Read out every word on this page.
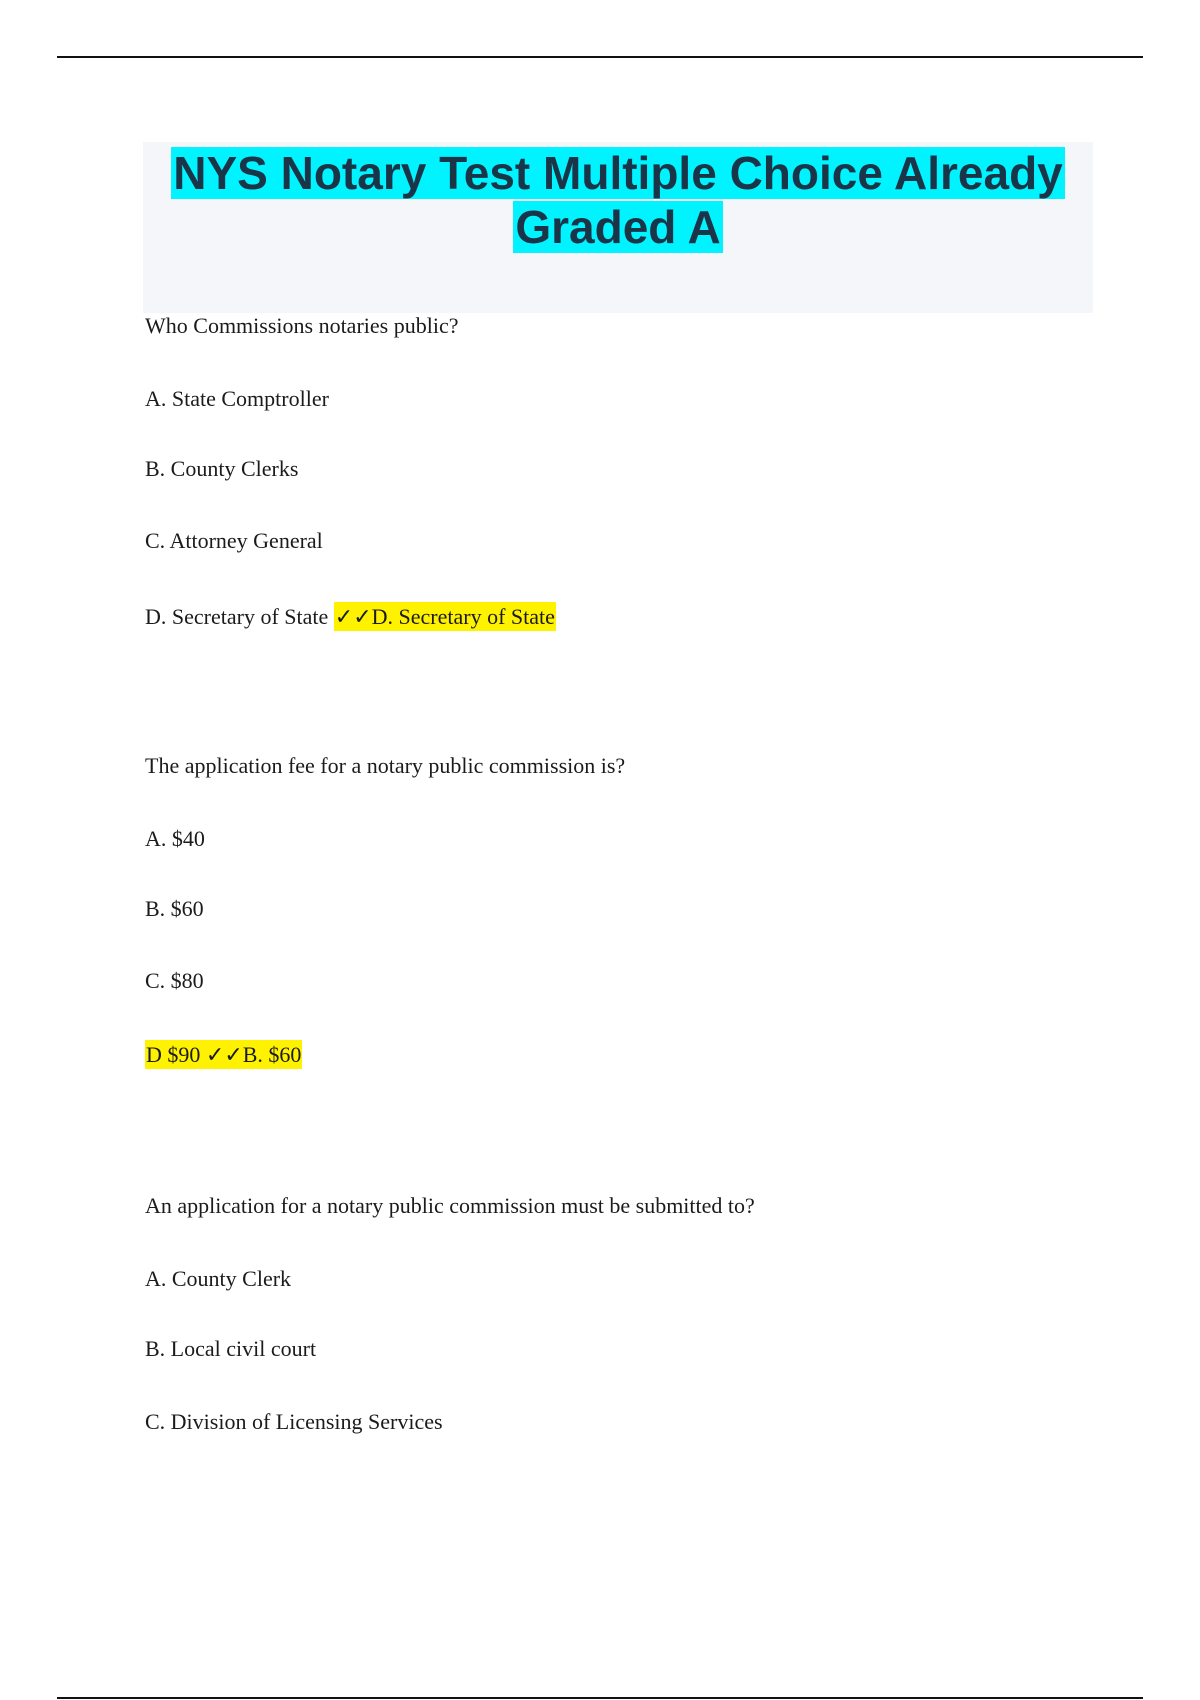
NYS Notary Test Multiple Choice Already
Graded A
Who Commissions notaries public?
A. State Comptroller
B. County Clerks
C. Attorney General
D. Secretary of State ✓✓D. Secretary of State
The application fee for a notary public commission is?
A. $40
B. $60
C. $80
D $90 ✓✓B. $60
An application for a notary public commission must be submitted to?
A. County Clerk
B. Local civil court
C. Division of Licensing Services
